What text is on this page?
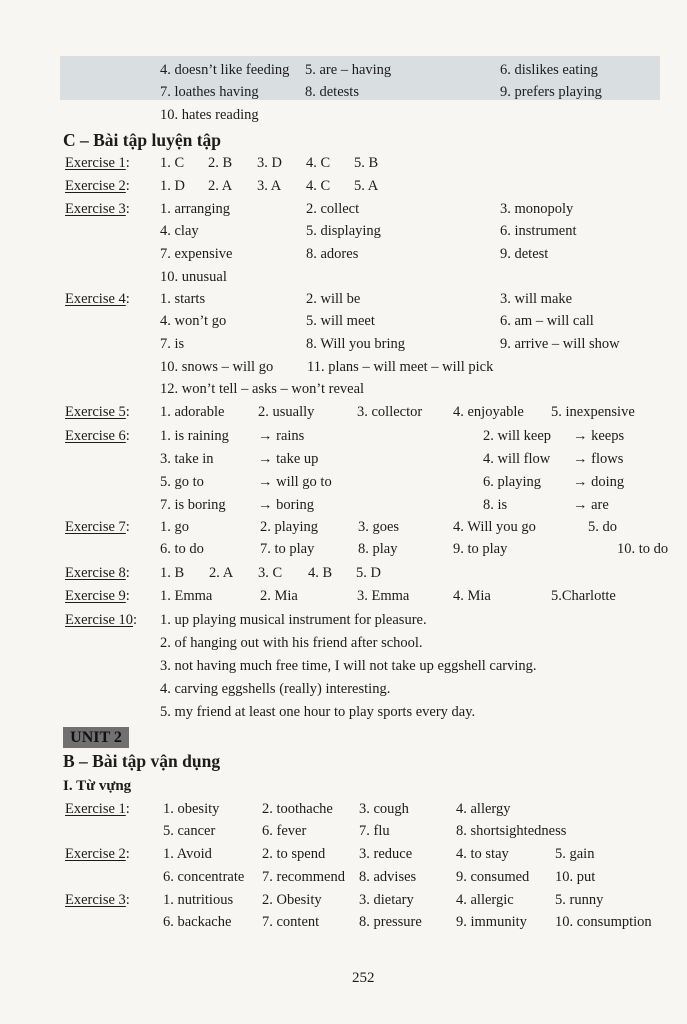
4. doesn’t like feeding 5. are – having	6. dislikes eating
7. loathes having	8. detests	9. prefers playing
10. hates reading
C – Bài tập luyện tập
Exercise 1: 1. C 2. B 3. D 4. C 5. B
Exercise 2: 1. D 2. A 3. A 4. C 5. A
Exercise 3: 1. arranging	2. collect	3. monopoly
4. clay	5. displaying	6. instrument
7. expensive	8. adores	9. detest
10. unusual
Exercise 4: 1. starts	2. will be	3. will make
4. won’t go	5. will meet	6. am – will call
7. is	8. Will you bring	9. arrive – will show
10. snows – will go 11. plans – will meet – will pick
12. won’t tell – asks – won’t reveal
Exercise 5: 1. adorable 2. usually	3. collector 4. enjoyable 5. inexpensive
Exercise 6: 1. is raining → rains	2. will keep → keeps
3. take in	→ take up	4. will flow → flows
5. go to	→ will go to	6. playing → doing
7. is boring → boring	8. is	→ are
Exercise 7: 1. go	2. playing	3. goes	4. Will you go	5. do
6. to do	7. to play	8. play	9. to play	10. to do
Exercise 8: 1. B 2. A 3. C 4. B 5. D
Exercise 9: 1. Emma	2. Mia	3. Emma	4. Mia	5.Charlotte
Exercise 10: 1. up playing musical instrument for pleasure.
2. of hanging out with his friend after school.
3. not having much free time, I will not take up eggshell carving.
4. carving eggshells (really) interesting.
5. my friend at least one hour to play sports every day.
UNIT 2
B – Bài tập vận dụng
I. Từ vựng
Exercise 1: 1. obesity	2. toothache 3. cough	4. allergy
5. cancer	6. fever	7. flu	8. shortsightedness
Exercise 2: 1. Avoid	2. to spend 3. reduce	4. to stay	5. gain
6. concentrate 7. recommend 8. advises	9. consumed 10. put
Exercise 3: 1. nutritious 2. Obesity	3. dietary	4. allergic	5. runny
6. backache 7. content	8. pressure 9. immunity 10. consumption
252
